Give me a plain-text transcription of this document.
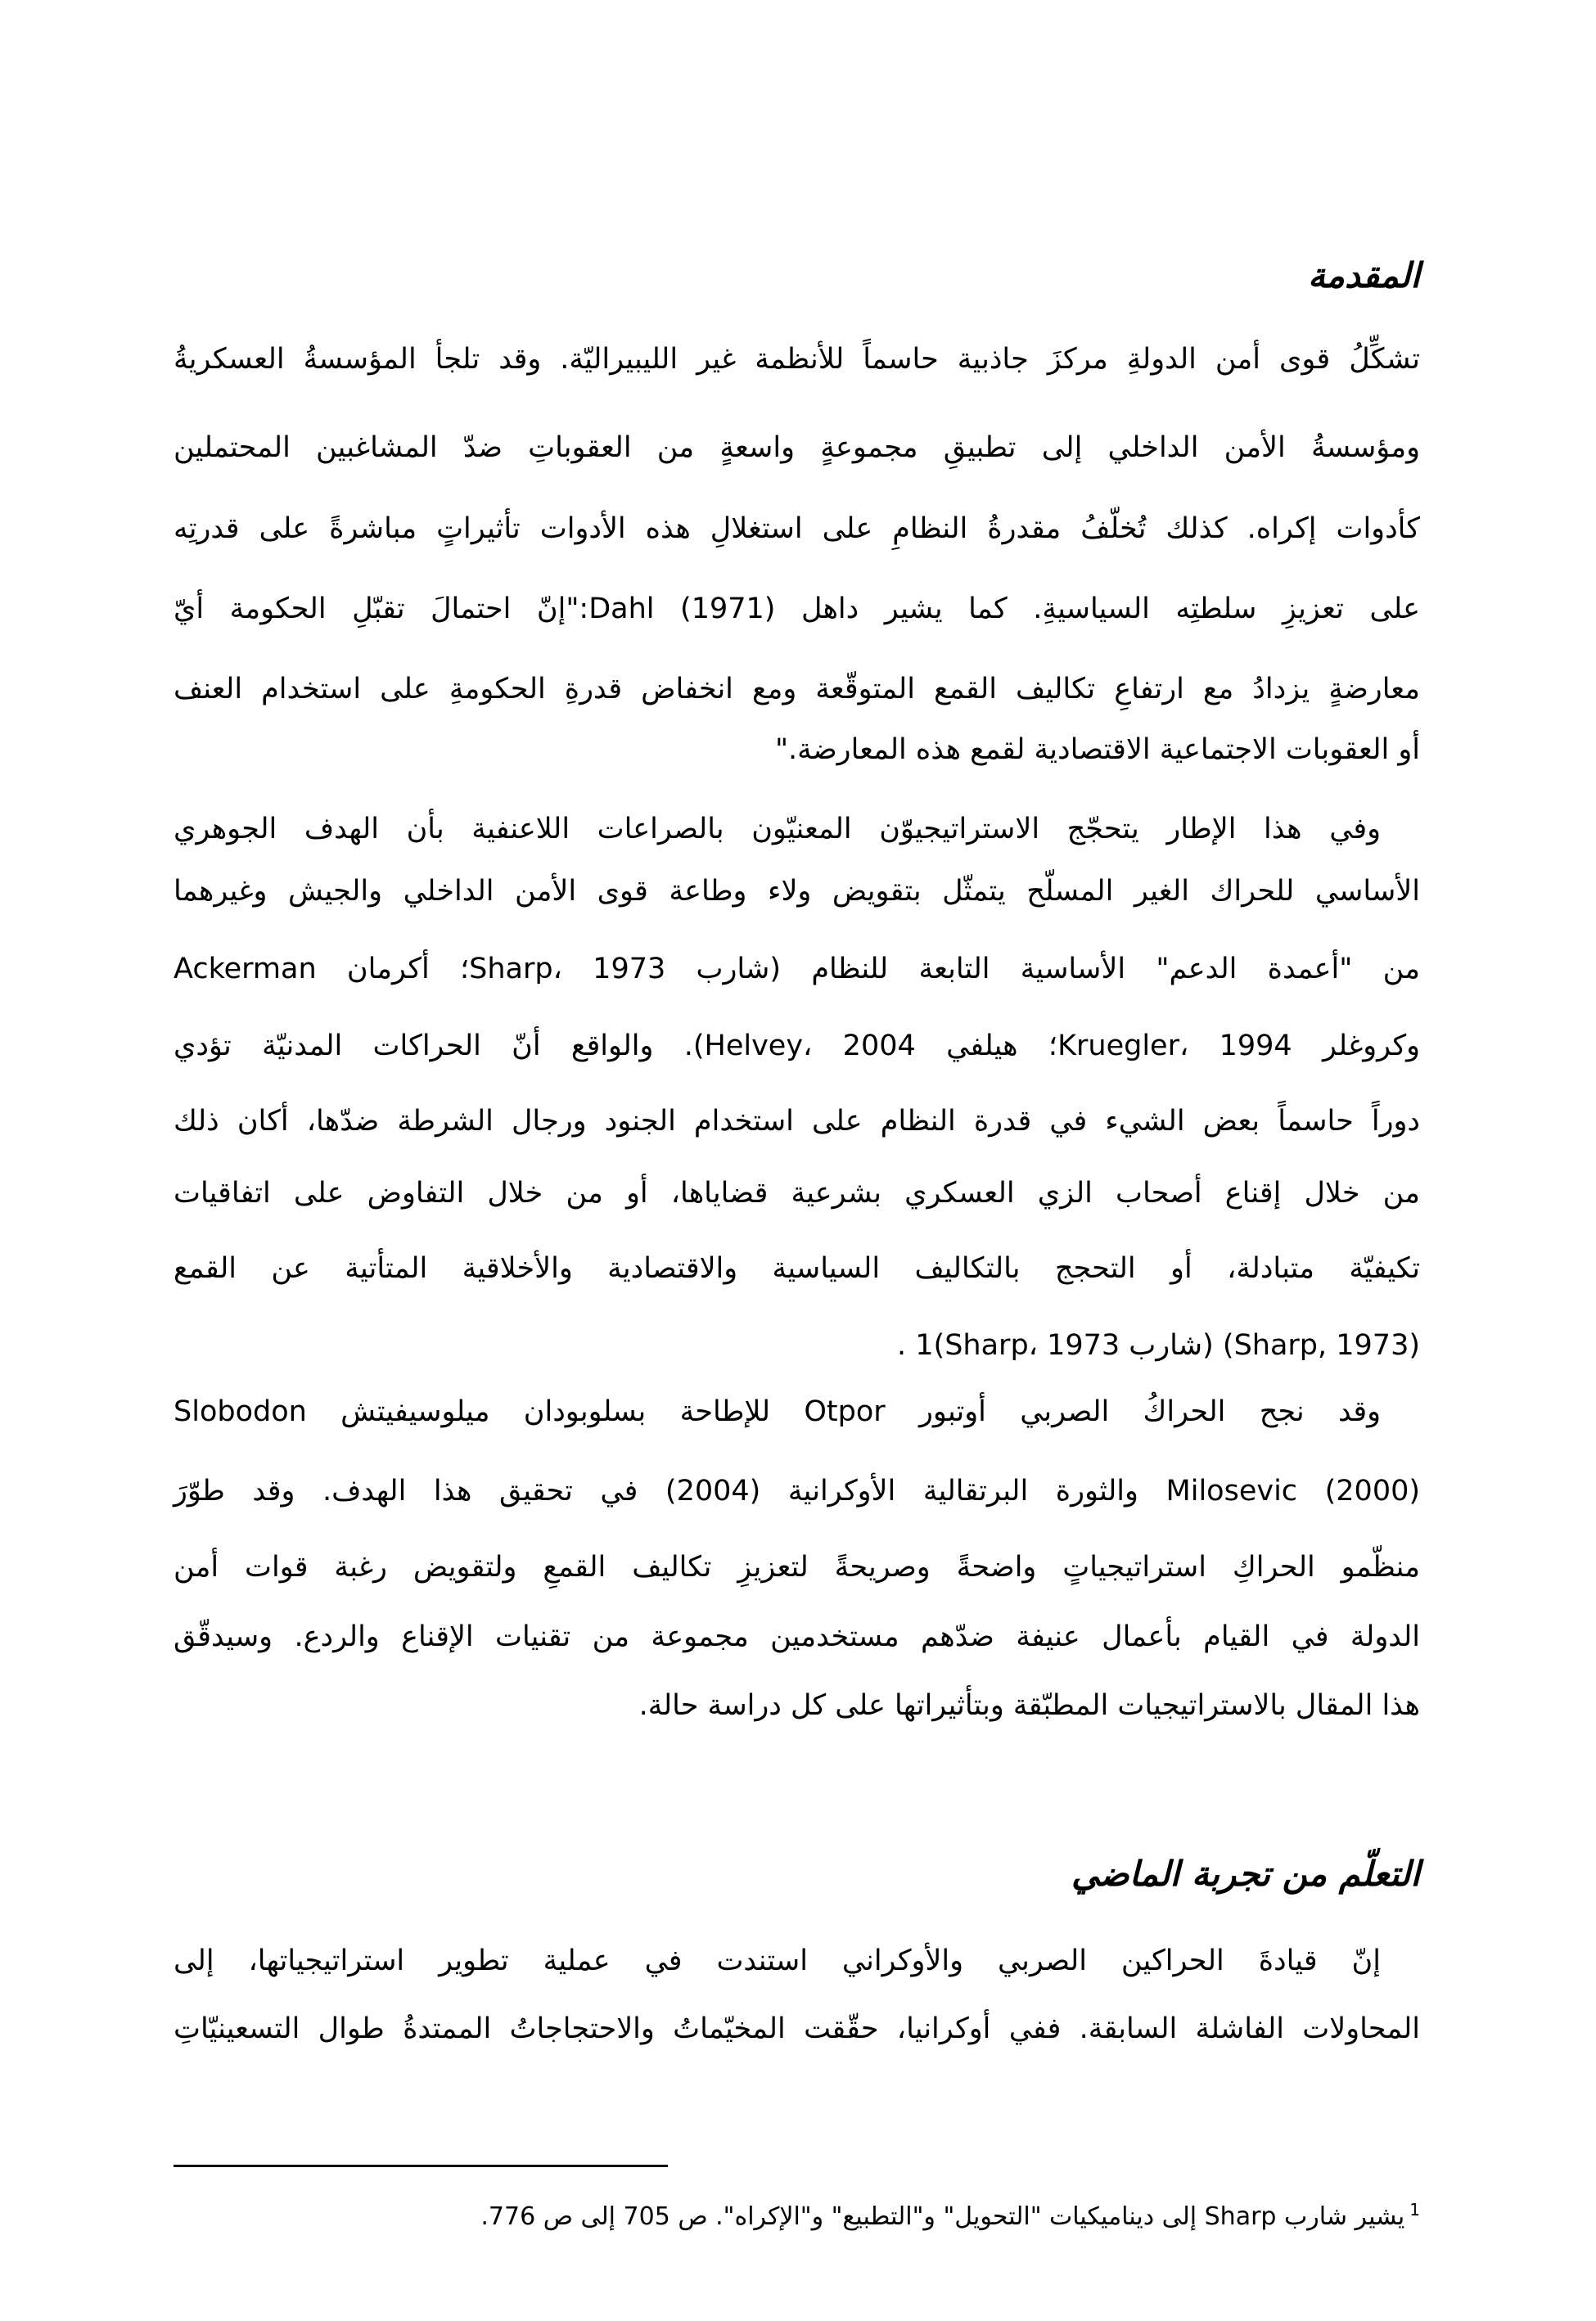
المقدمة
تشكِّلُ قوى أمن الدولةِ مركزَ جاذبية حاسماً للأنظمة غير الليبيراليّة. وقد تلجأ المؤسسةُ العسكريةُ
ومؤسسةُ الأمن الداخلي إلى تطبيقِ مجموعةٍ واسعةٍ من العقوباتِ ضدّ المشاغبين المحتملين
كأدوات إكراه. كذلك تُخلّفُ مقدرةُ النظامِ على استغلالِ هذه الأدوات تأثيراتٍ مباشرةً على قدرتِه
على تعزيزِ سلطتِه السياسيةِ. كما يشير داهل Dahl (1971):"إنّ احتمالَ تقبّلِ الحكومة أيّ
معارضةٍ يزدادُ مع ارتفاعِ تكاليف القمع المتوقّعة ومع انخفاض قدرةِ الحكومةِ على استخدام العنف
أو العقوبات الاجتماعية الاقتصادية لقمع هذه المعارضة."
وفي هذا الإطار يتحجّج الاستراتيجيوّن المعنيّون بالصراعات اللاعنفية بأن الهدف الجوهري
الأساسي للحراك الغير المسلّح يتمثّل بتقويض ولاء وطاعة قوى الأمن الداخلي والجيش وغيرهما
من "أعمدة الدعم" الأساسية التابعة للنظام (شارب Sharp، 1973؛ أكرمان Ackerman
وكروغلر Kruegler، 1994؛ هيلفي Helvey، 2004). والواقع أنّ الحراكات المدنيّة تؤدي
دوراً حاسماً بعض الشيء في قدرة النظام على استخدام الجنود ورجال الشرطة ضدّها، أكان ذلك
من خلال إقناع أصحاب الزي العسكري بشرعية قضاياها، أو من خلال التفاوض على اتفاقيات
تكيفيّة متبادلة، أو التحجج بالتكاليف السياسية والاقتصادية والأخلاقية المتأتية عن القمع
(Sharp, 1973) (شارب Sharp، 1973)1 .
وقد نجح الحراكُ الصربي أوتبور Otpor للإطاحة بسلوبودان ميلوسيفيتش Slobodon
Milosevic (2000) والثورة البرتقالية الأوكرانية (2004) في تحقيق هذا الهدف. وقد طوّرَ
منظّمو الحراكِ استراتيجياتٍ واضحةً وصريحةً لتعزيزِ تكاليف القمعِ ولتقويض رغبة قوات أمن
الدولة في القيام بأعمال عنيفة ضدّهم مستخدمين مجموعة من تقنيات الإقناع والردع. وسيدقّق
هذا المقال بالاستراتيجيات المطبّقة وبتأثيراتها على كل دراسة حالة.
التعلّم من تجربة الماضي
إنّ قيادةَ الحراكين الصربي والأوكراني استندت في عملية تطوير استراتيجياتها، إلى
المحاولات الفاشلة السابقة. ففي أوكرانيا، حقّقت المخيّماتُ والاحتجاجاتُ الممتدةُ طوال التسعينيّاتِ
$^1$يشير شارب Sharp إلى ديناميكيات "التحويل" و"التطبيع" و"الإكراه". ص 705 إلى ص 776.
